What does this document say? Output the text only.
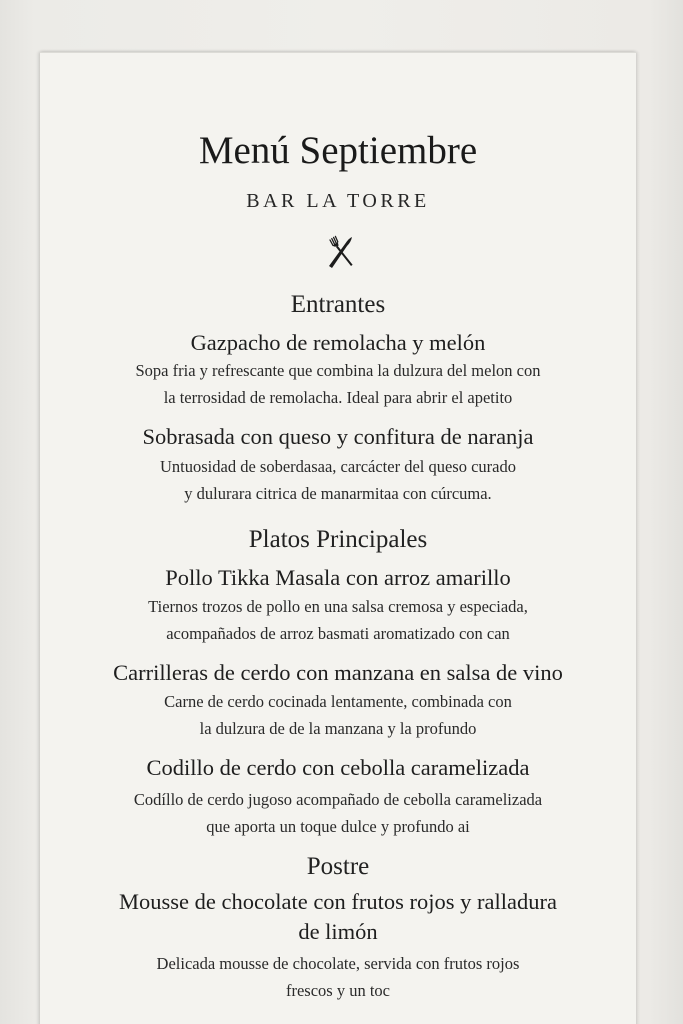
Menú Septiembre
BAR LA TORRE
Entrantes
Gazpacho de remolacha y melón
Sopa fria y refrescante que combina la dulzura del melon con
la terrosidad de remolacha. Ideal para abrir el apetito
Sobrasada con queso y confitura de naranja
Untuosidad de soberdasaa, carcácter del queso curado
y dulurara citrica de manarmitaa con cúrcuma.
Platos Principales
Pollo Tikka Masala con arroz amarillo
Tiernos trozos de pollo en una salsa cremosa y especiada,
acompañados de arroz basmati aromatizado con can
Carrilleras de cerdo con manzana en salsa de vino
Carne de cerdo cocinada lentamente, combinada con
la dulzura de de la manzana y la profundo
Codillo de cerdo con cebolla caramelizada
Codíllo de cerdo jugoso acompañado de cebolla caramelizada
que aporta un toque dulce y profundo ai
Postre
Mousse de chocolate con frutos rojos y ralladura
de limón
Delicada mousse de chocolate, servida con frutos rojos
frescos y un toc
